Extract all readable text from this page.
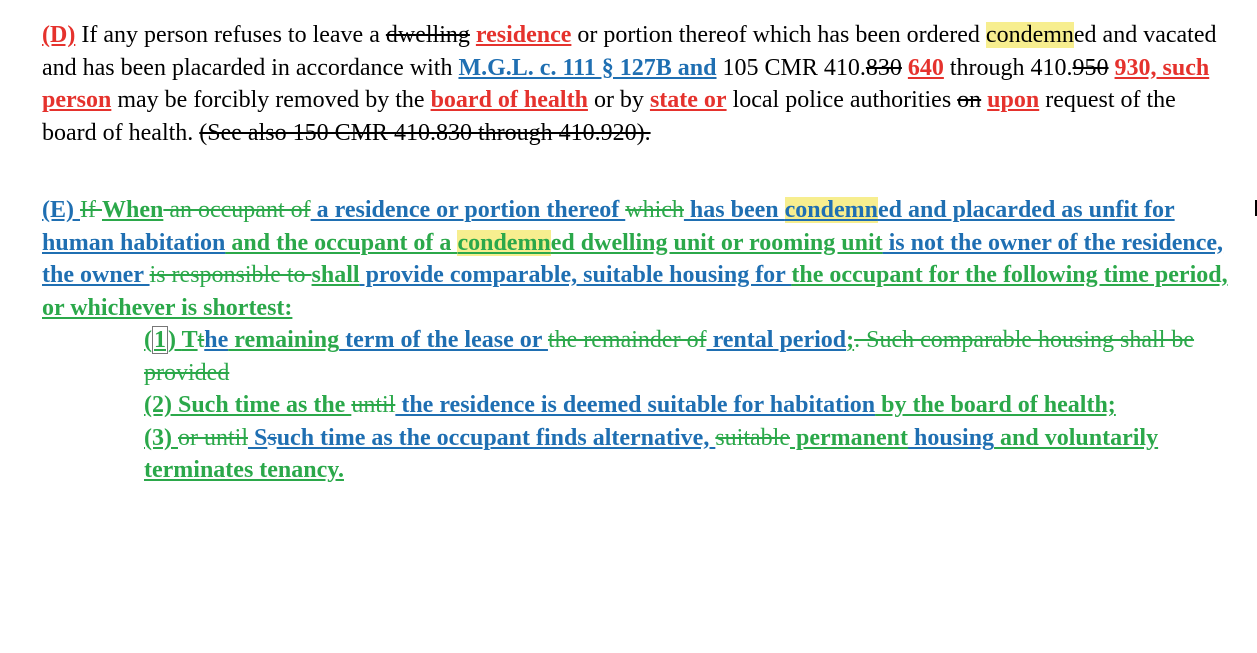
(D) If any person refuses to leave a dwelling residence or portion thereof which has been ordered condemned and vacated and has been placarded in accordance with M.G.L. c. 111 § 127B and 105 CMR 410.830 640 through 410.950 930, such person may be forcibly removed by the board of health or by state or local police authorities on upon request of the board of health. (See also 150 CMR 410.830 through 410.920).

(E) If When an occupant of a residence or portion thereof which has been condemned and placarded as unfit for human habitation and the occupant of a condemned dwelling unit or rooming unit is not the owner of the residence, the owner is responsible to shall provide comparable, suitable housing for the occupant for the following time period, or whichever is shortest:

(1) Tthe remaining term of the lease or the remainder of rental period;. Such comparable housing shall be provided

(2) Such time as the until the residence is deemed suitable for habitation by the board of health;

(3) or until Ssuch time as the occupant finds alternative, suitable permanent housing and voluntarily terminates tenancy.
